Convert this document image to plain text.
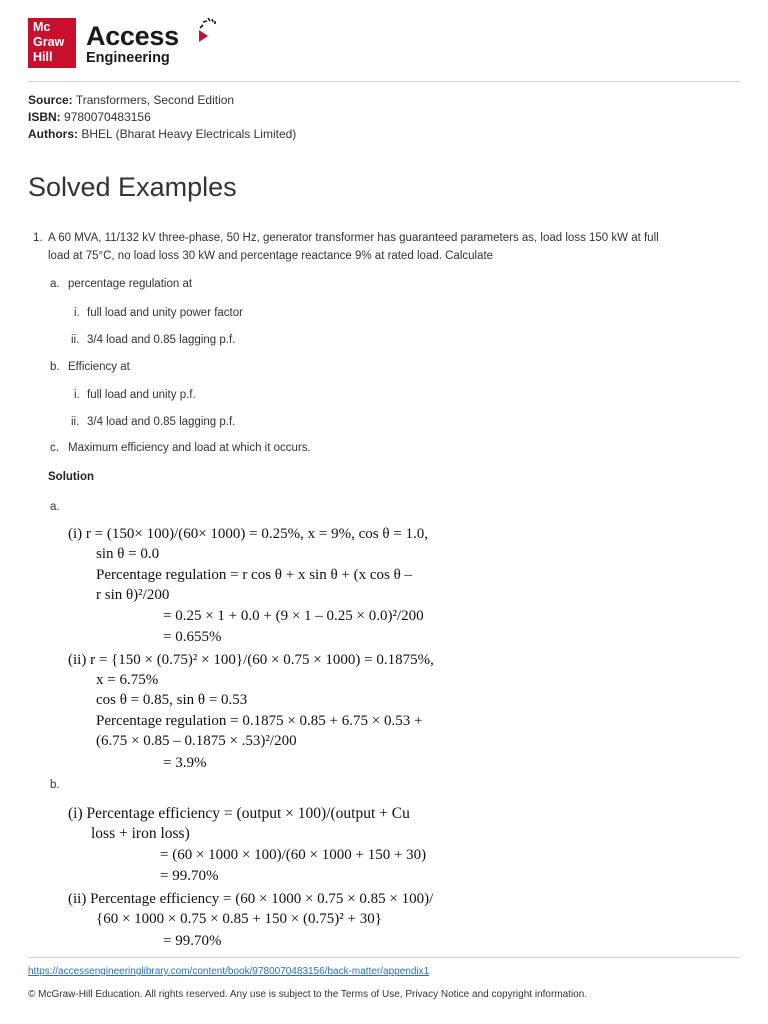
Mc
Graw
Hill
Access
Engineering
Source: Transformers, Second Edition
ISBN: 9780070483156
Authors: BHEL (Bharat Heavy Electricals Limited)
Solved Examples
1. A 60 MVA, 11/132 kV three-phase, 50 Hz, generator transformer has guaranteed parameters as, load loss 150 kW at full
load at 75°C, no load loss 30 kW and percentage reactance 9% at rated load. Calculate
a. percentage regulation at
i. full load and unity power factor
ii. 3/4 load and 0.85 lagging p.f.
b. Efficiency at
i. full load and unity p.f.
ii. 3/4 load and 0.85 lagging p.f.
c. Maximum efficiency and load at which it occurs.
Solution
a.
(i) r = (150× 100)/(60× 1000) = 0.25%, x = 9%, cos θ = 1.0,
sin θ = 0.0
Percentage regulation = r cos θ + x sin θ + (x cos θ –
r sin θ)²/200
= 0.25 × 1 + 0.0 + (9 × 1 – 0.25 × 0.0)²/200
= 0.655%
(ii) r = {150 × (0.75)² × 100}/(60 × 0.75 × 1000) = 0.1875%,
x = 6.75%
cos θ = 0.85, sin θ = 0.53
Percentage regulation = 0.1875 × 0.85 + 6.75 × 0.53 +
(6.75 × 0.85 – 0.1875 × .53)²/200
= 3.9%
b.
(i) Percentage efficiency = (output × 100)/(output + Cu
loss + iron loss)
= (60 × 1000 × 100)/(60 × 1000 + 150 + 30)
= 99.70%
(ii) Percentage efficiency = (60 × 1000 × 0.75 × 0.85 × 100)/
{60 × 1000 × 0.75 × 0.85 + 150 × (0.75)² + 30}
= 99.70%
https://accessengineeringlibrary.com/content/book/9780070483156/back-matter/appendix1
© McGraw-Hill Education. All rights reserved. Any use is subject to the Terms of Use, Privacy Notice and copyright information.
